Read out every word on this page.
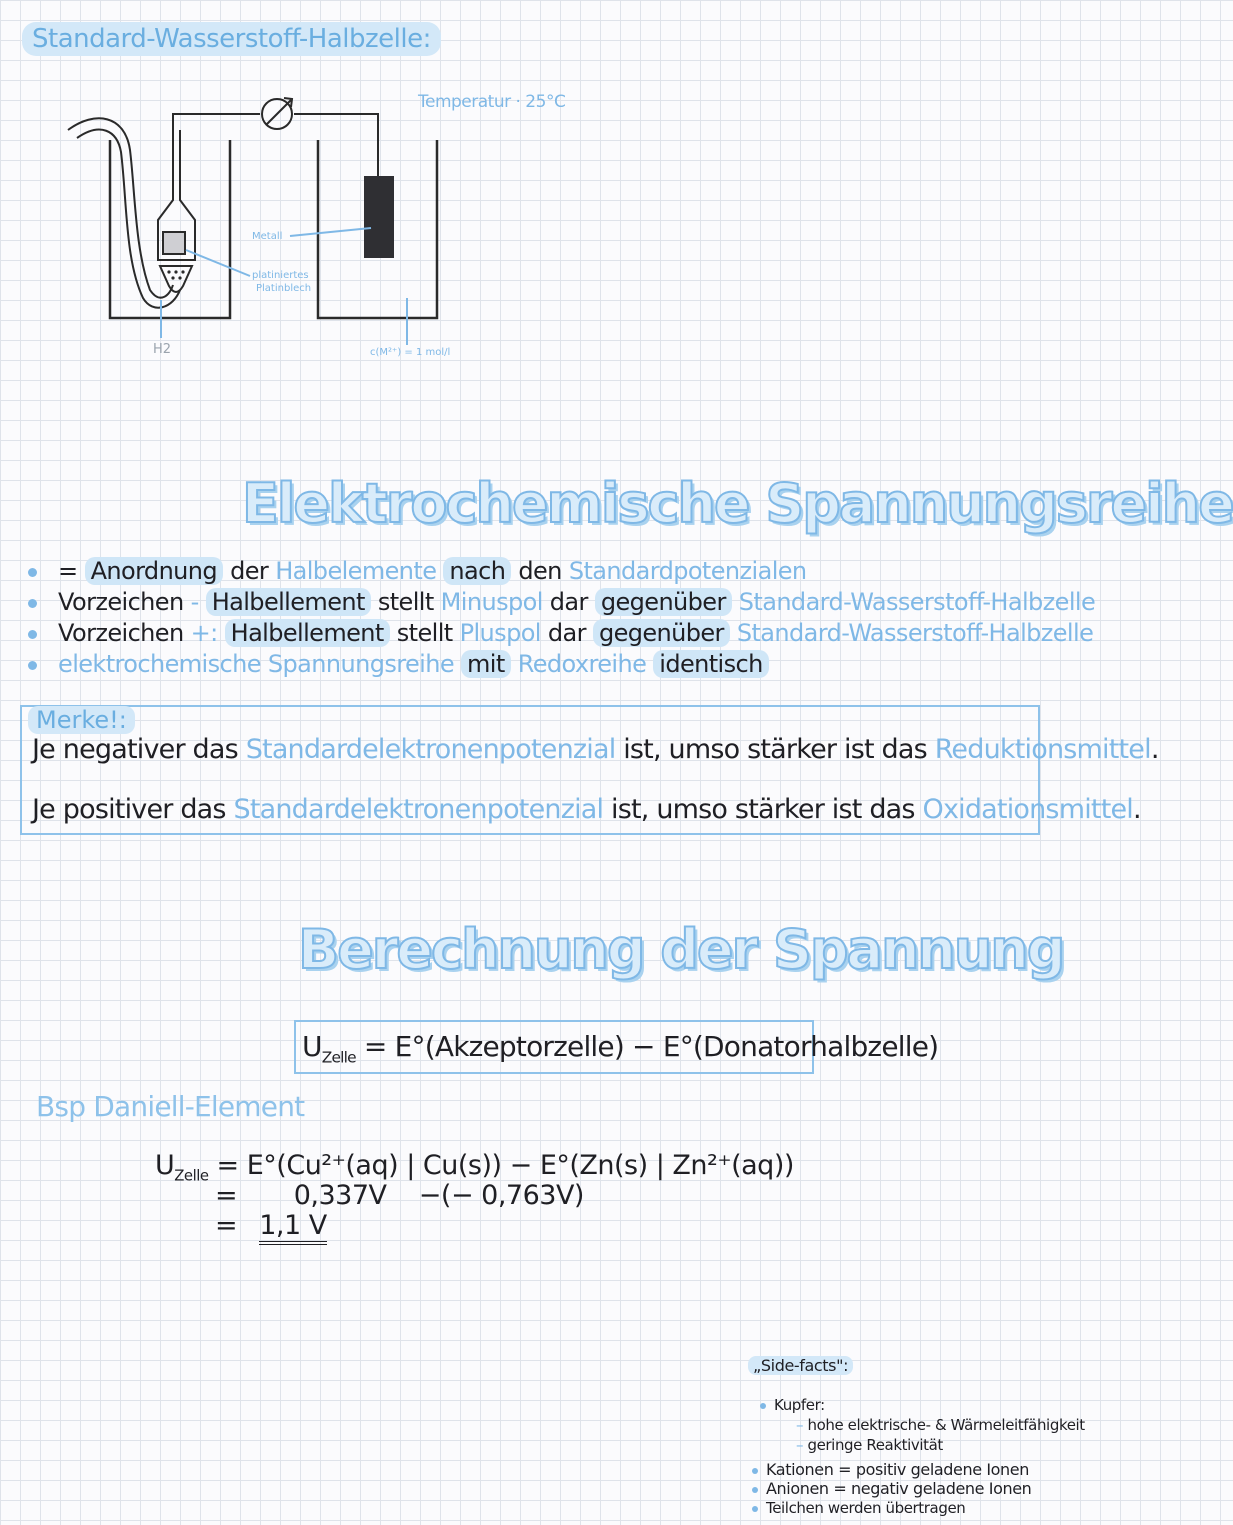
Standard-Wasserstoff-Halbzelle:
Temperatur · 25°C
Metall
platiniertes
Platinblech
H2	c(M²⁺) = 1 mol/l
Elektrochemische Spannungsreihe
= Anordnung der Halbelemente nach den Standardpotenzialen
Vorzeichen - Halbellement stellt Minuspol dar gegenüber Standard-Wasserstoff-Halbzelle
Vorzeichen +: Halbellement stellt Pluspol dar gegenüber Standard-Wasserstoff-Halbzelle
elektrochemische Spannungsreihe mit Redoxreihe identisch
Merke!:
Je negativer das Standardelektronenpotenzial ist, umso stärker ist das Reduktionsmittel.
Je positiver das Standardelektronenpotenzial ist, umso stärker ist das Oxidationsmittel.
Berechnung der Spannung
$U_{Zelle}$ = E°(Akzeptorzelle) − E°(Donatorhalbzelle)
Bsp Daniell-Element
$U_{Zelle} = E^\circ(Cu^{2+}(aq)$ | Cu(s)) − E°(Zn(s) | Zn²⁺(aq))
=       0,337V    −(− 0,763V)
= 1,1 V
„Side-facts":
Kupfer:
– hohe elektrische- & Wärmeleitfähigkeit
– geringe Reaktivität
Kationen = positiv geladene Ionen
Anionen = negativ geladene Ionen
Teilchen werden übertragen
